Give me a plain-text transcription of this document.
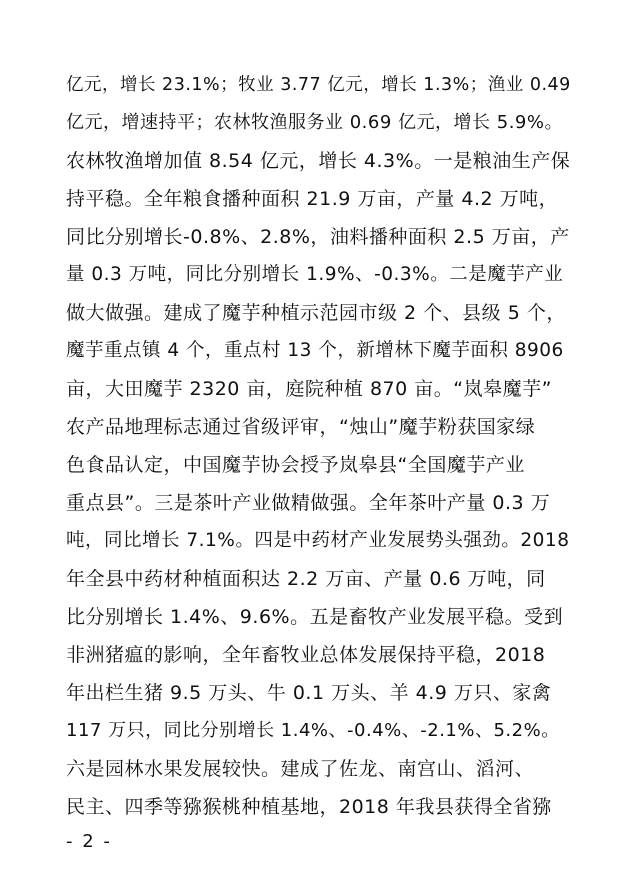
亿元，增长 23.1%；牧业 3.77 亿元，增长 1.3%；渔业 0.49
亿元，增速持平；农林牧渔服务业 0.69 亿元，增长 5.9%。
农林牧渔增加值 8.54 亿元，增长 4.3%。一是粮油生产保
持平稳。全年粮食播种面积 21.9 万亩，产量 4.2 万吨，
同比分别增长-0.8%、2.8%，油料播种面积 2.5 万亩，产
量 0.3 万吨，同比分别增长 1.9%、-0.3%。二是魔芋产业
做大做强。建成了魔芋种植示范园市级 2 个、县级 5 个，
魔芋重点镇 4 个，重点村 13 个，新增林下魔芋面积 8906
亩，大田魔芋 2320 亩，庭院种植 870 亩。“岚皋魔芋”
农产品地理标志通过省级评审，“烛山”魔芋粉获国家绿
色食品认定，中国魔芋协会授予岚皋县“全国魔芋产业
重点县”。三是茶叶产业做精做强。全年茶叶产量 0.3 万
吨，同比增长 7.1%。四是中药材产业发展势头强劲。2018
年全县中药材种植面积达 2.2 万亩、产量 0.6 万吨，同
比分别增长 1.4%、9.6%。五是畜牧产业发展平稳。受到
非洲猪瘟的影响，全年畜牧业总体发展保持平稳，2018
年出栏生猪 9.5 万头、牛 0.1 万头、羊 4.9 万只、家禽
117 万只，同比分别增长 1.4%、-0.4%、-2.1%、5.2%。
六是园林水果发展较快。建成了佐龙、南宫山、滔河、
民主、四季等猕猴桃种植基地，2018 年我县获得全省猕
- 2 -
